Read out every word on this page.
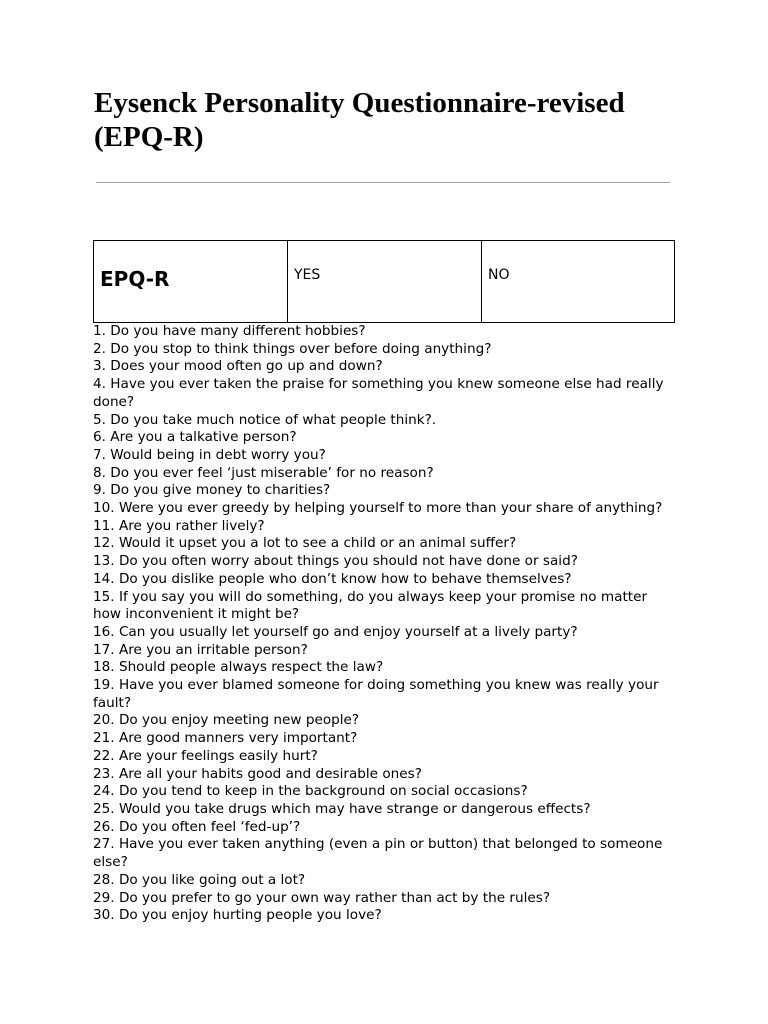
Eysenck Personality Questionnaire-revised (EPQ-R)
EPQ-R	YES	NO
1. Do you have many different hobbies?
2. Do you stop to think things over before doing anything?
3. Does your mood often go up and down?
4. Have you ever taken the praise for something you knew someone else had really done?
5. Do you take much notice of what people think?.
6. Are you a talkative person?
7. Would being in debt worry you?
8. Do you ever feel ‘just miserable’ for no reason?
9. Do you give money to charities?
10. Were you ever greedy by helping yourself to more than your share of anything?
11. Are you rather lively?
12. Would it upset you a lot to see a child or an animal suffer?
13. Do you often worry about things you should not have done or said?
14. Do you dislike people who don’t know how to behave themselves?
15. If you say you will do something, do you always keep your promise no matter how inconvenient it might be?
16. Can you usually let yourself go and enjoy yourself at a lively party?
17. Are you an irritable person?
18. Should people always respect the law?
19. Have you ever blamed someone for doing something you knew was really your fault?
20. Do you enjoy meeting new people?
21. Are good manners very important?
22. Are your feelings easily hurt?
23. Are all your habits good and desirable ones?
24. Do you tend to keep in the background on social occasions?
25. Would you take drugs which may have strange or dangerous effects?
26. Do you often feel ‘fed-up’?
27. Have you ever taken anything (even a pin or button) that belonged to someone else?
28. Do you like going out a lot?
29. Do you prefer to go your own way rather than act by the rules?
30. Do you enjoy hurting people you love?
